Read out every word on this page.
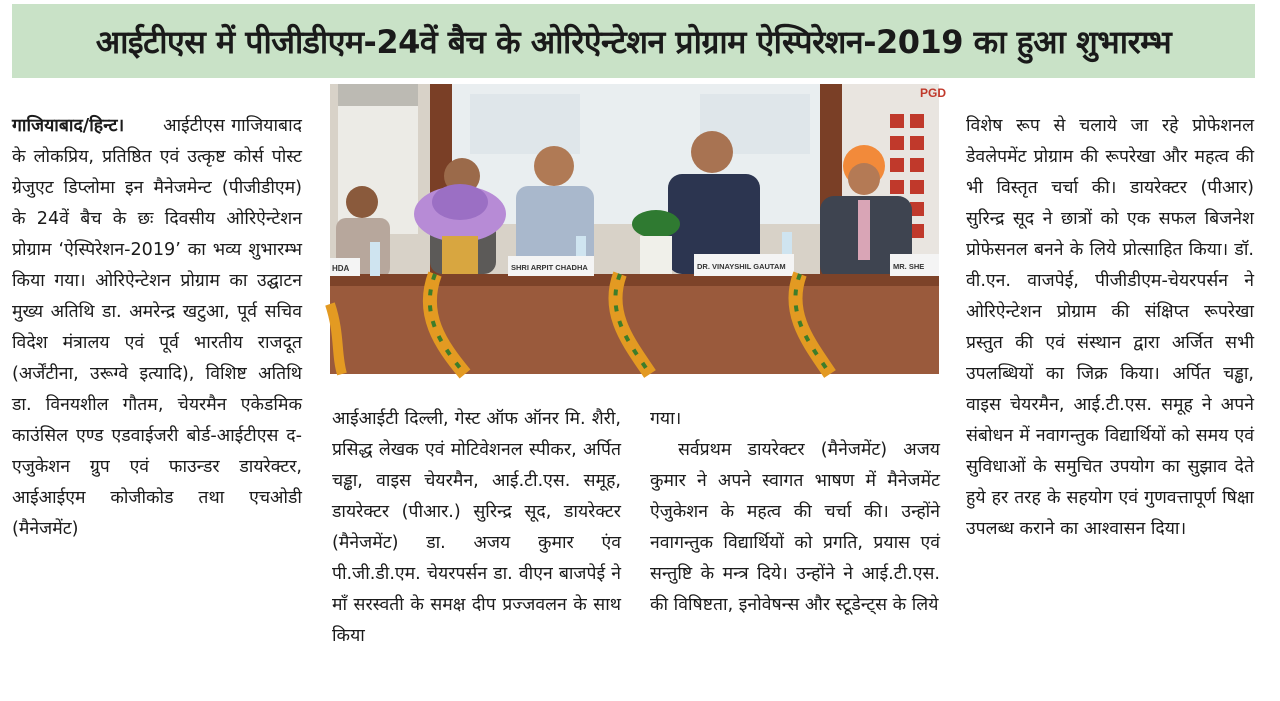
आईटीएस में पीजीडीएम-24वें बैच के ओरिऐन्टेशन प्रोग्राम ऐस्पिरेशन-2019 का हुआ शुभारम्भ

गाजियाबाद/हिन्ट। आईटीएस गाजियाबाद के लोकप्रिय, प्रतिष्ठित एवं उत्कृष्ट कोर्स पोस्ट ग्रेजुएट डिप्लोमा इन मैनेजमेन्ट (पीजीडीएम) के 24वें बैच के छः दिवसीय ओरिऐन्टेशन प्रोग्राम ‘ऐस्पिरेशन-2019’ का भव्य शुभारम्भ किया गया। ओरिऐन्टेशन प्रोग्राम का उद्घाटन मुख्य अतिथि डा. अमरेन्द्र खटुआ, पूर्व सचिव विदेश मंत्रालय एवं पूर्व भारतीय राजदूत (अर्जेंटीना, उरूग्वे इत्यादि), विशिष्ट अतिथि डा. विनयशील गौतम, चेयरमैन एकेडमिक काउंसिल एण्ड एडवाईजरी बोर्ड-आईटीएस द-एजुकेशन ग्रुप एवं फाउन्डर डायरेक्टर, आईआईएम कोजीकोड तथा एचओडी (मैनेजमेंट)

PGD
HDA	SHRI ARPIT CHADHA	DR. VINAYSHIL GAUTAM	MR. SHE

आईआईटी दिल्ली, गेस्ट ऑफ ऑनर मि. शैरी, प्रसिद्ध लेखक एवं मोटिवेशनल स्पीकर, अर्पित चड्ढा, वाइस चेयरमैन, आई.टी.एस. समूह, डायरेक्टर (पीआर.) सुरिन्द्र सूद, डायरेक्टर (मैनेजमेंट) डा. अजय कुमार एंव पी.जी.डी.एम. चेयरपर्सन डा. वीएन बाजपेई ने माँ सरस्वती के समक्ष दीप प्रज्जवलन के साथ किया

गया।

सर्वप्रथम डायरेक्टर (मैनेजमेंट) अजय कुमार ने अपने स्वागत भाषण में मैनेजमेंट ऐजुकेशन के महत्व की चर्चा की। उन्होंने नवागन्तुक विद्यार्थियों को प्रगति, प्रयास एवं सन्तुष्टि के मन्त्र दिये। उन्होंने ने आई.टी.एस. की विषिष्टता, इनोवेषन्स और स्टूडेन्ट्स के लिये

विशेष रूप से चलाये जा रहे प्रोफेशनल डेवलेपमेंट प्रोग्राम की रूपरेखा और महत्व की भी विस्तृत चर्चा की। डायरेक्टर (पीआर) सुरिन्द्र सूद ने छात्रों को एक सफल बिजनेश प्रोफेसनल बनने के लिये प्रोत्साहित किया। डॉ. वी.एन. वाजपेई, पीजीडीएम-चेयरपर्सन ने ओरिऐन्टेशन प्रोग्राम की संक्षिप्त रूपरेखा प्रस्तुत की एवं संस्थान द्वारा अर्जित सभी उपलब्धियों का जिक्र किया। अर्पित चड्ढा, वाइस चेयरमैन, आई.टी.एस. समूह ने अपने संबोधन में नवागन्तुक विद्यार्थियों को समय एवं सुविधाओं के समुचित उपयोग का सुझाव देते हुये हर तरह के सहयोग एवं गुणवत्तापूर्ण षिक्षा उपलब्ध कराने का आश्वासन दिया।
